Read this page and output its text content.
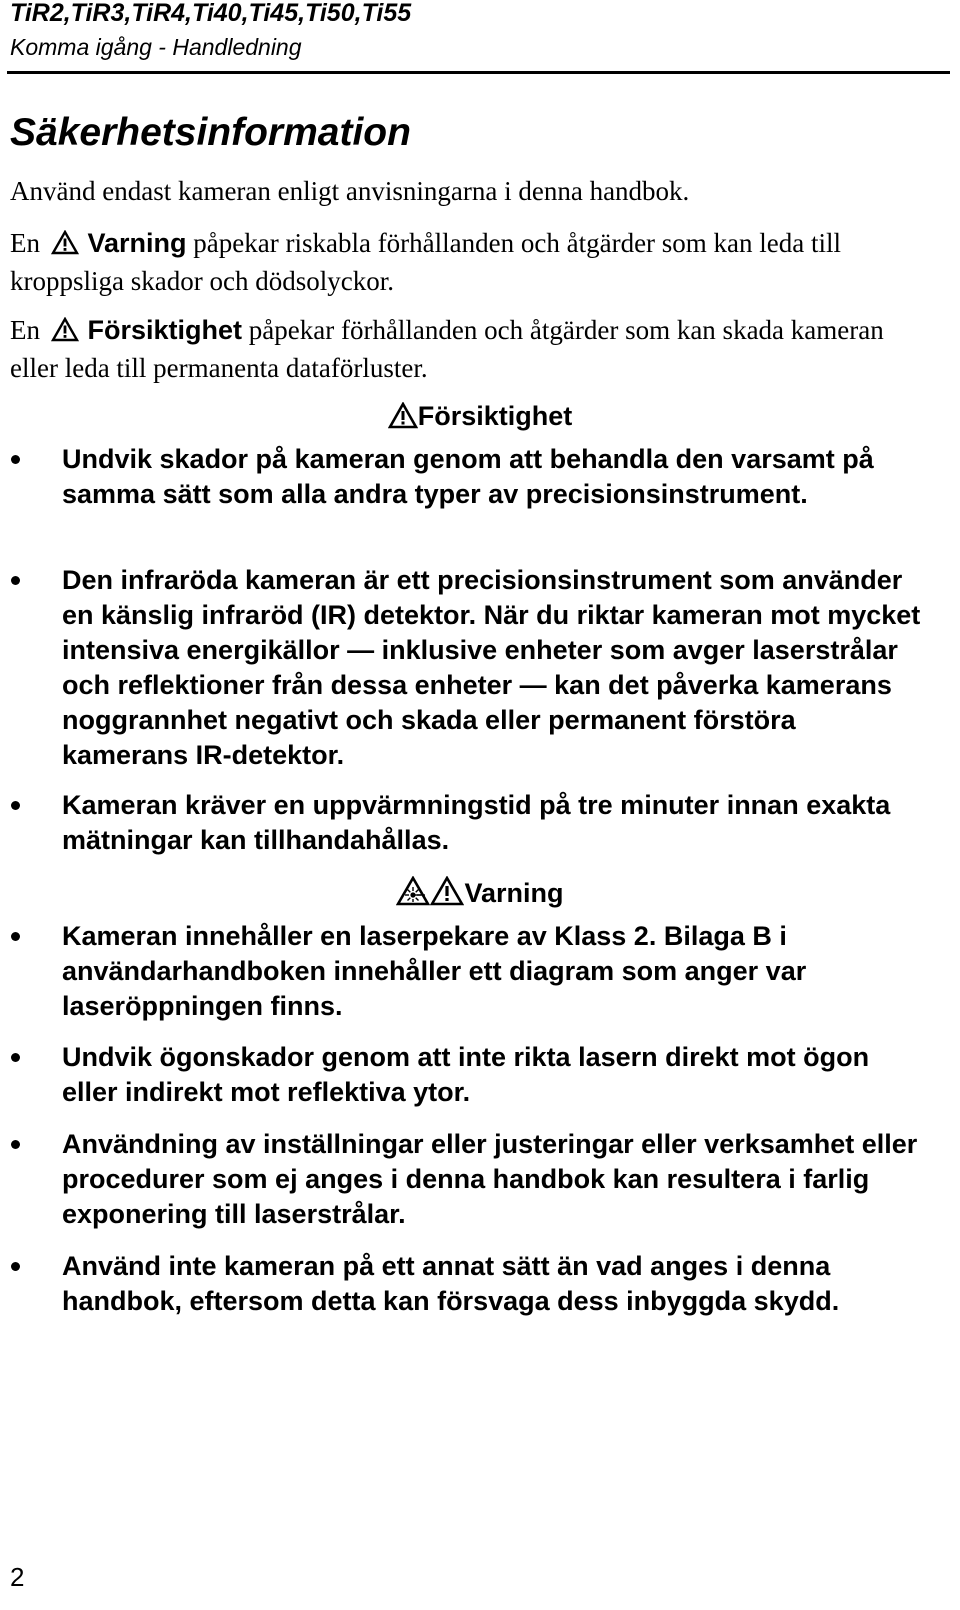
TiR2,TiR3,TiR4,Ti40,Ti45,Ti50,Ti55
Komma igång - Handledning
Säkerhetsinformation
Använd endast kameran enligt anvisningarna i denna handbok.
En Varning påpekar riskabla förhållanden och åtgärder som kan leda till kroppsliga skador och dödsolyckor.
En Försiktighet påpekar förhållanden och åtgärder som kan skada kameran eller leda till permanenta dataförluster.
Försiktighet
Undvik skador på kameran genom att behandla den varsamt på samma sätt som alla andra typer av precisionsinstrument.
Den infraröda kameran är ett precisionsinstrument som använder en känslig infraröd (IR) detektor. När du riktar kameran mot mycket intensiva energikällor — inklusive enheter som avger laserstrålar och reflektioner från dessa enheter — kan det påverka kamerans noggrannhet negativt och skada eller permanent förstöra kamerans IR-detektor.
Kameran kräver en uppvärmningstid på tre minuter innan exakta mätningar kan tillhandahållas.
Varning
Kameran innehåller en laserpekare av Klass 2. Bilaga B i användarhandboken innehåller ett diagram som anger var laseröppningen finns.
Undvik ögonskador genom att inte rikta lasern direkt mot ögon eller indirekt mot reflektiva ytor.
Användning av inställningar eller justeringar eller verksamhet eller procedurer som ej anges i denna handbok kan resultera i farlig exponering till laserstrålar.
Använd inte kameran på ett annat sätt än vad anges i denna handbok, eftersom detta kan försvaga dess inbyggda skydd.
2
